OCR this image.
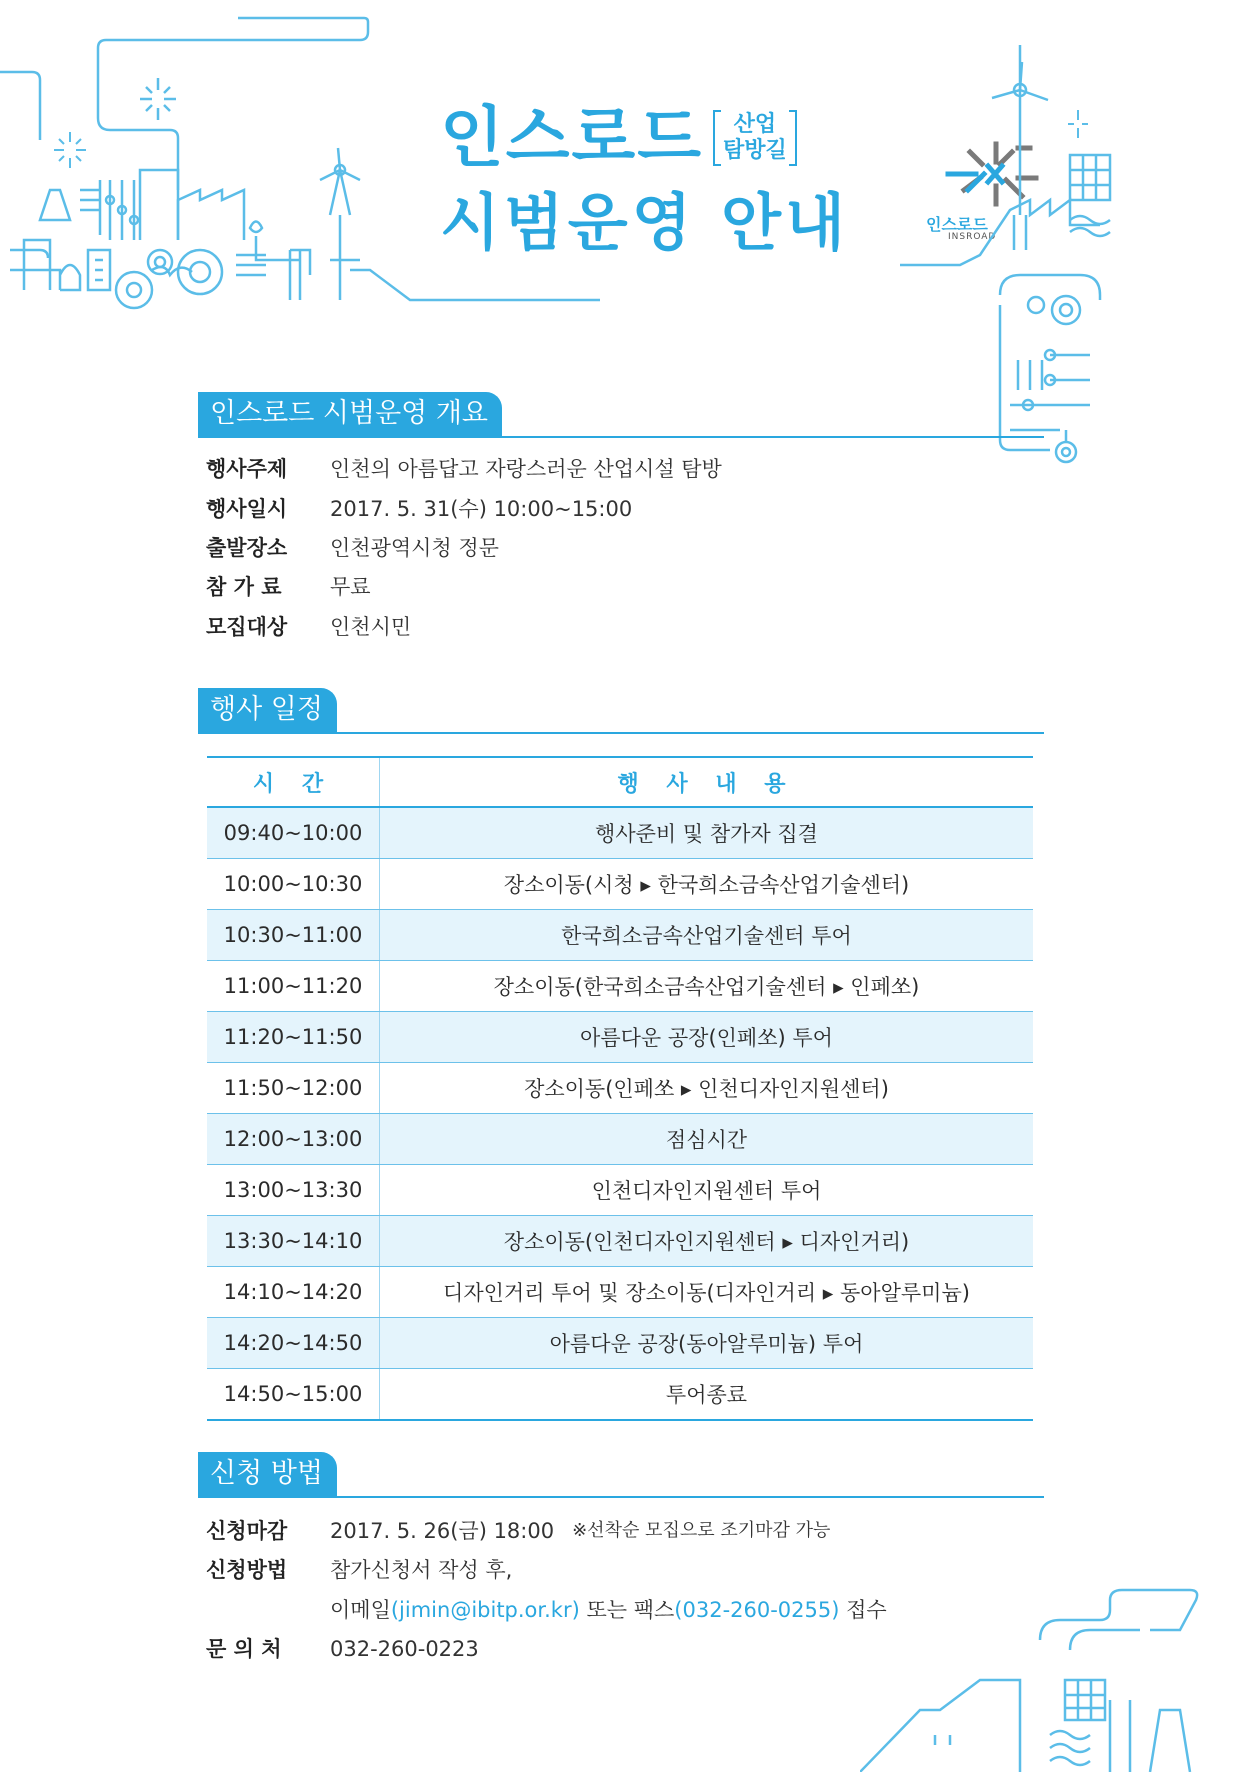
인스로드	산업
탐방길
시범운영 안내	인스로드
INSROAD
인스로드 시범운영 개요
행사주제	인천의 아름답고 자랑스러운 산업시설 탐방
행사일시	2017. 5. 31(수) 10:00~15:00
출발장소	인천광역시청 정문
참 가 료	무료
모집대상	인천시민
행사 일정
시 간	행 사 내 용
09:40~10:00	행사준비 및 참가자 집결
10:00~10:30	장소이동(시청 ▸ 한국희소금속산업기술센터)
10:30~11:00	한국희소금속산업기술센터 투어
11:00~11:20	장소이동(한국희소금속산업기술센터 ▸ 인페쏘)
11:20~11:50	아름다운 공장(인페쏘) 투어
11:50~12:00	장소이동(인페쏘 ▸ 인천디자인지원센터)
12:00~13:00	점심시간
13:00~13:30	인천디자인지원센터 투어
13:30~14:10	장소이동(인천디자인지원센터 ▸ 디자인거리)
14:10~14:20	디자인거리 투어 및 장소이동(디자인거리 ▸ 동아알루미늄)
14:20~14:50	아름다운 공장(동아알루미늄) 투어
14:50~15:00	투어종료
신청 방법
신청마감	2017. 5. 26(금) 18:00 ※선착순 모집으로 조기마감 가능
신청방법	참가신청서 작성 후,
이메일(jimin@ibitp.or.kr) 또는 팩스(032-260-0255) 접수
문 의 처	032-260-0223
